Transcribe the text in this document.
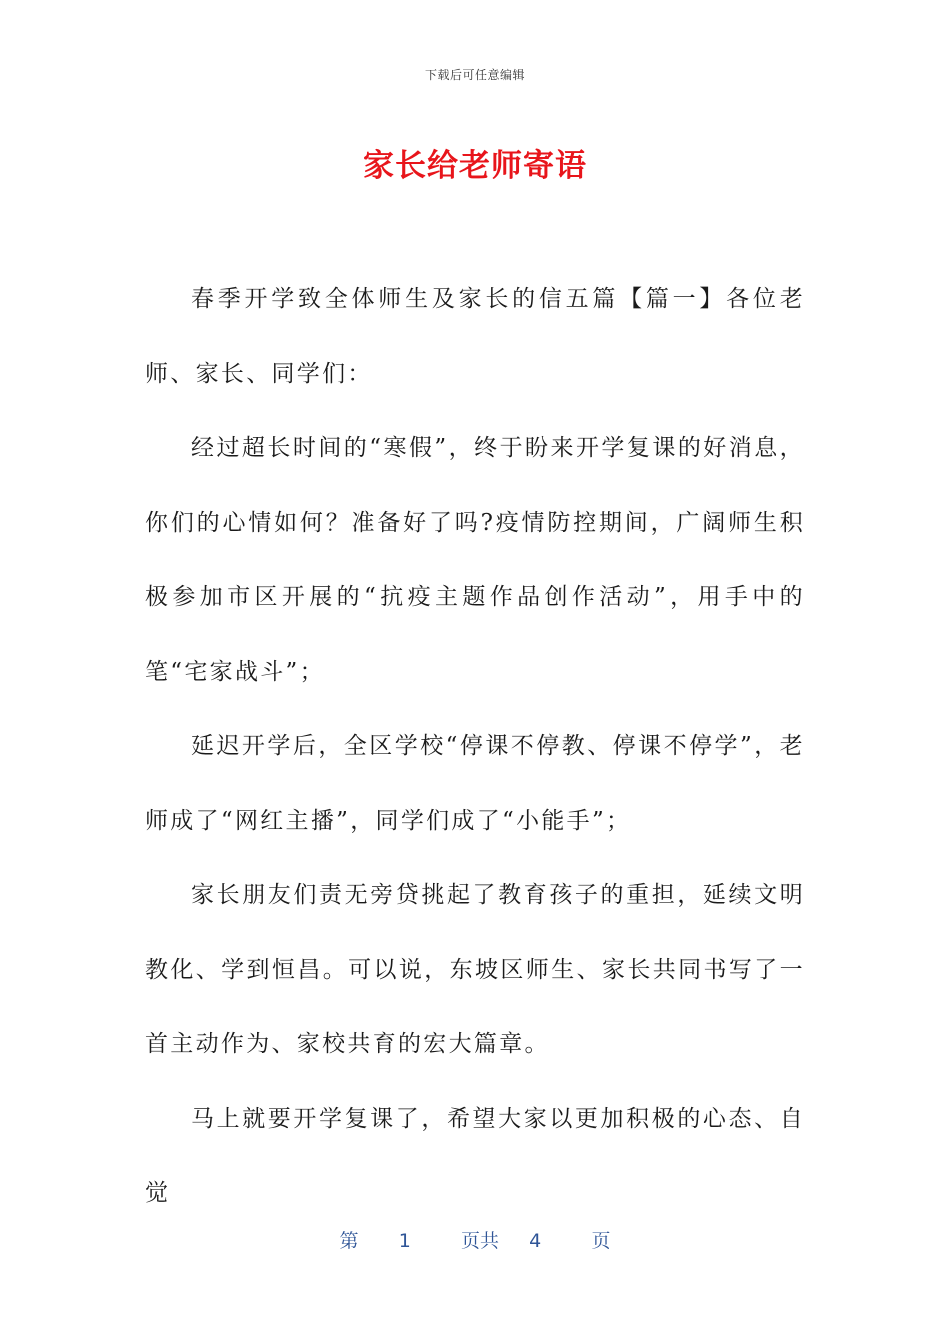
下载后可任意编辑
家长给老师寄语

春季开学致全体师生及家长的信五篇【篇一】各位老师、家长、同学们：

经过超长时间的“寒假”，终于盼来开学复课的好消息，你们的心情如何？准备好了吗?疫情防控期间，广阔师生积极参加市区开展的“抗疫主题作品创作活动”，用手中的笔“宅家战斗”；

延迟开学后，全区学校“停课不停教、停课不停学”，老师成了“网红主播”，同学们成了“小能手”；

家长朋友们责无旁贷挑起了教育孩子的重担，延续文明教化、学到恒昌。可以说，东坡区师生、家长共同书写了一首主动作为、家校共育的宏大篇章。

马上就要开学复课了，希望大家以更加积极的心态、自觉

第 1	页共 4	页
